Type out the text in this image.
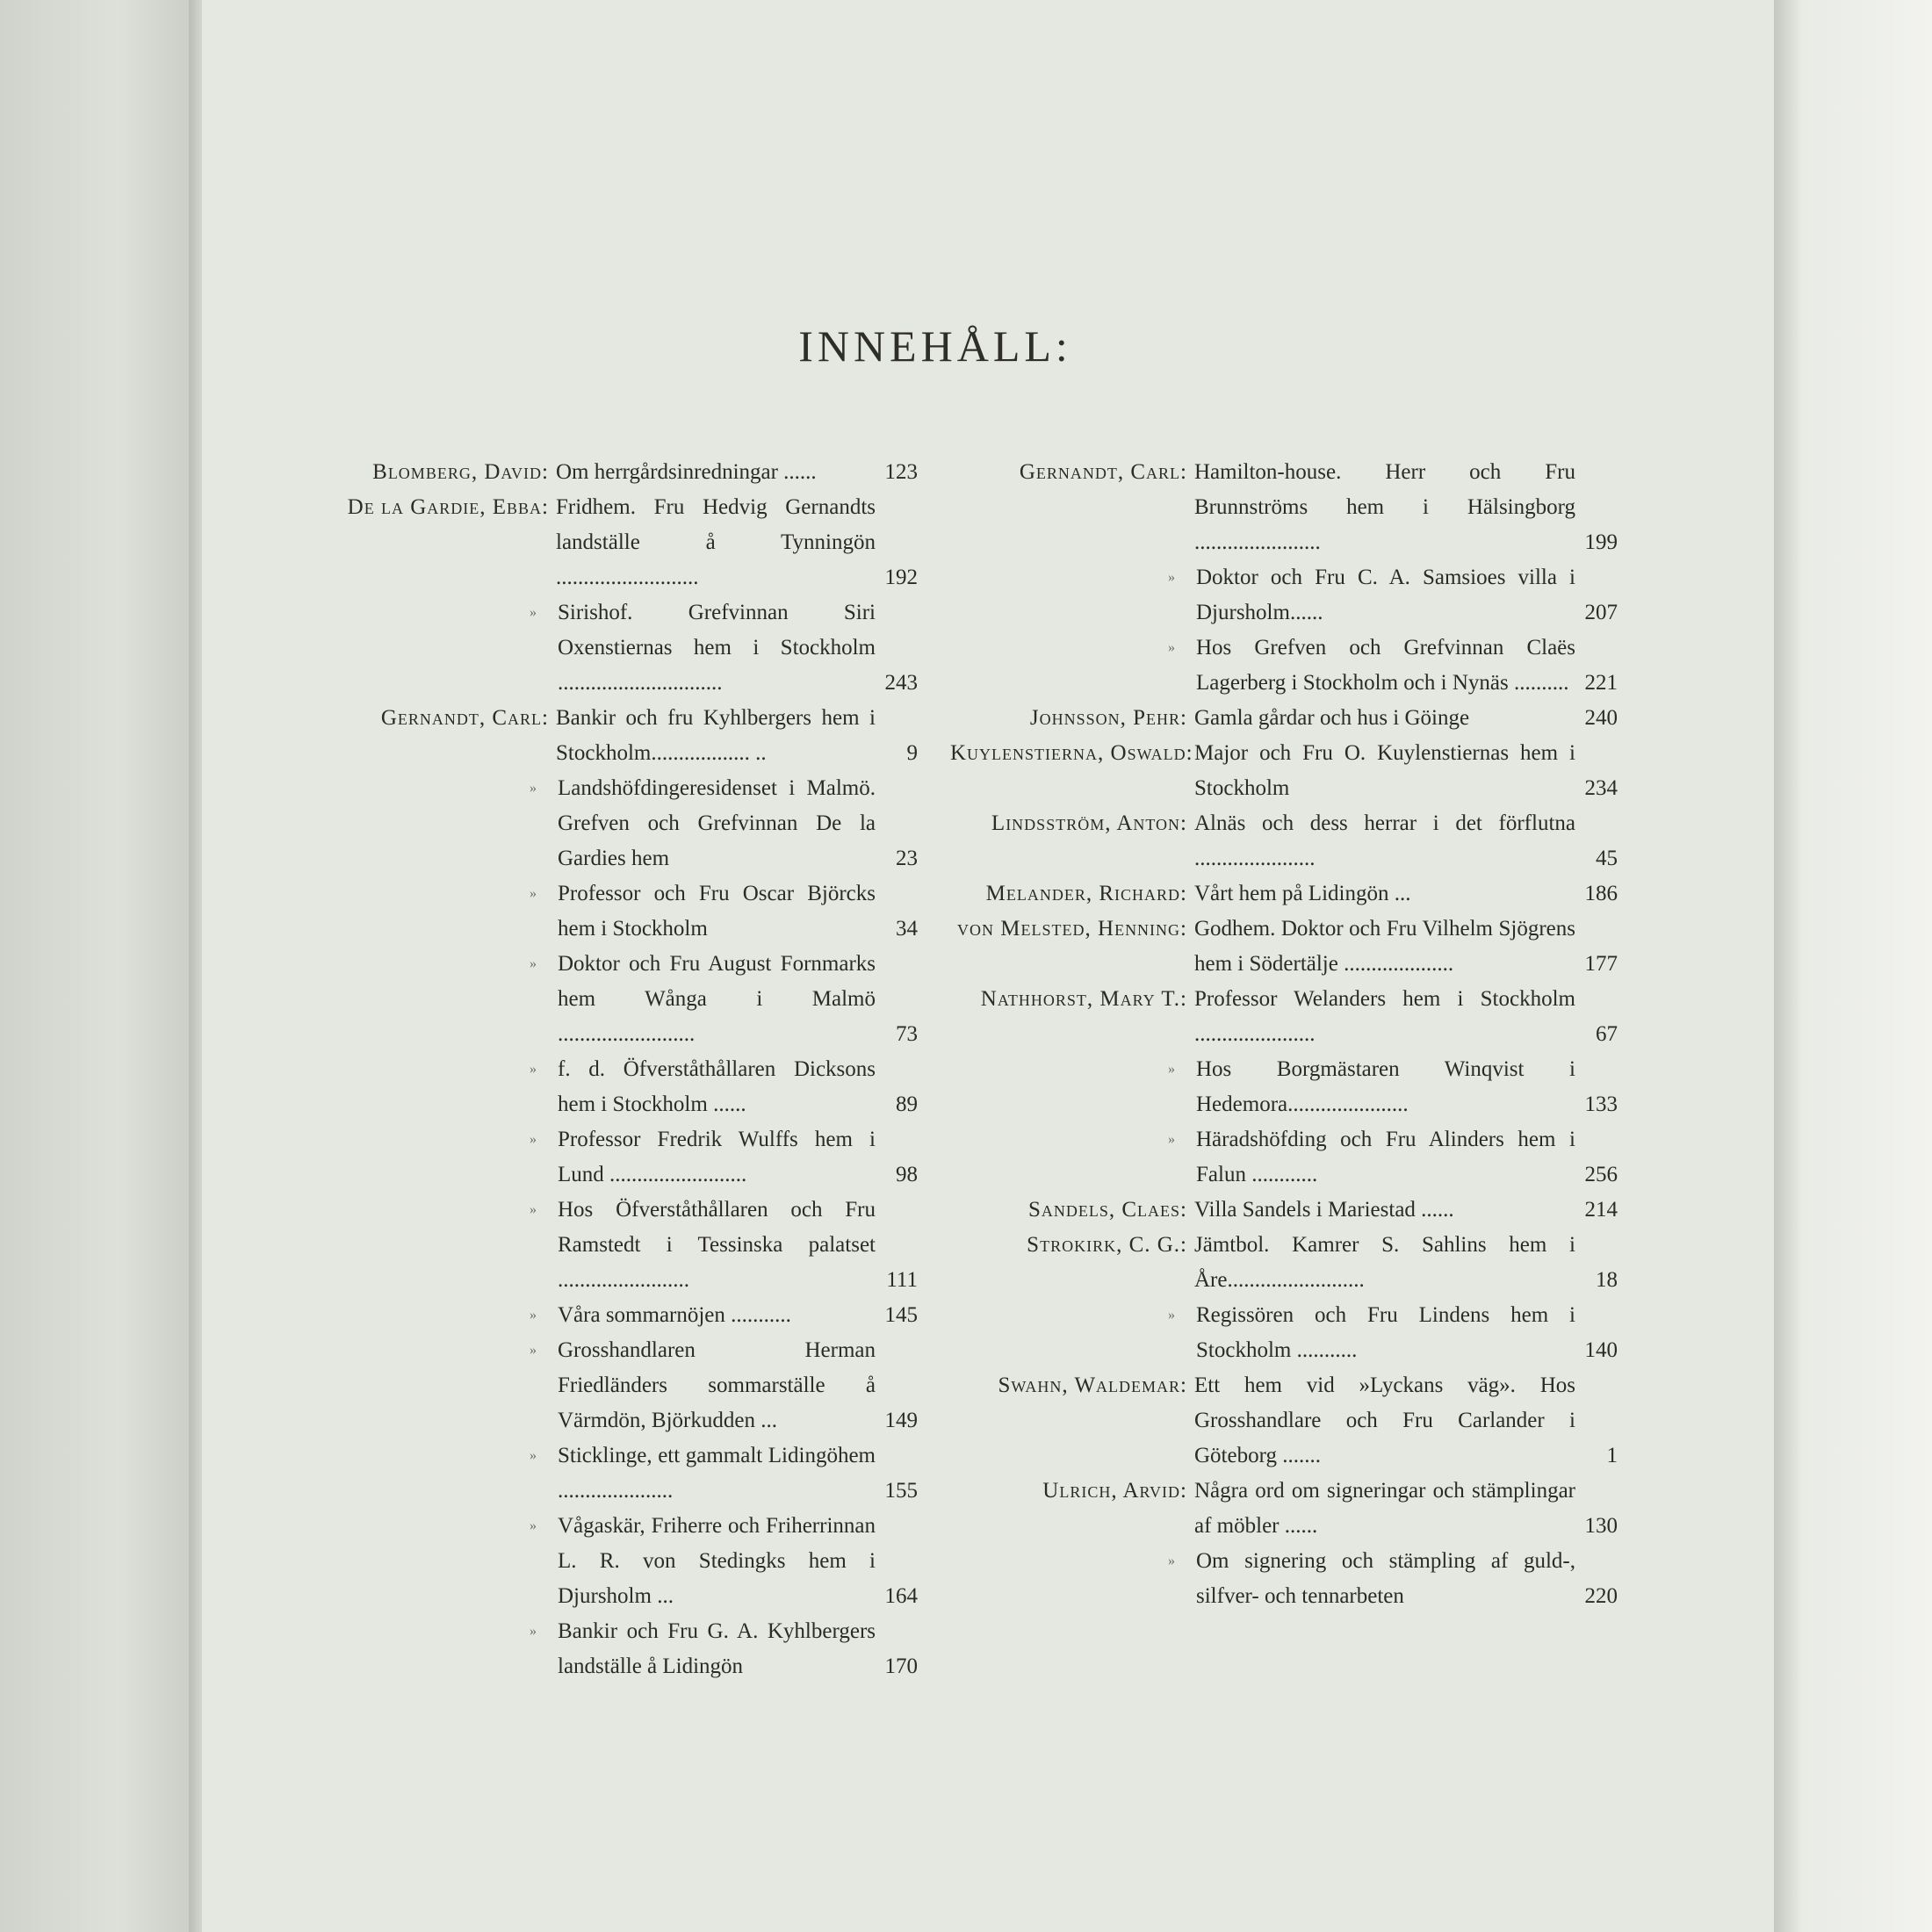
INNEHÅLL:
Blomberg, David: Om herrgårdsinredningar ......	123
De la Gardie, Ebba: Fridhem. Fru Hedvig Gernandts landställe å Tynningön ..........................	192
» Sirishof. Grefvinnan Siri Oxenstiernas hem i Stockholm ..............................	243
Gernandt, Carl: Bankir och fru Kyhlbergers hem i Stockholm.................. ..	9
» Landshöfdingeresidenset i Malmö. Grefven och Grefvinnan De la Gardies hem	23
» Professor och Fru Oscar Björcks hem i Stockholm	34
» Doktor och Fru August Fornmarks hem Wånga i Malmö .........................	73
» f. d. Öfverståthållaren Dicksons hem i Stockholm ......	89
» Professor Fredrik Wulffs hem i Lund .........................	98
» Hos Öfverståthållaren och Fru Ramstedt i Tessinska palatset ........................	111
» Våra sommarnöjen ...........	145
» Grosshandlaren Herman Friedländers sommarställe å Värmdön, Björkudden ...	149
» Sticklinge, ett gammalt Lidingöhem .....................	155
» Vågaskär, Friherre och Friherrinnan L. R. von Stedingks hem i Djursholm ...	164
» Bankir och Fru G. A. Kyhlbergers landställe å Lidingön	170
Gernandt, Carl: Hamilton-house. Herr och Fru Brunnströms hem i Hälsingborg .......................	199
» Doktor och Fru C. A. Samsioes villa i Djursholm......	207
» Hos Grefven och Grefvinnan Claës Lagerberg i Stockholm och i Nynäs .......... 221
Johnsson, Pehr: Gamla gårdar och hus i Göinge	240
Kuylenstierna, Oswald: Major och Fru O. Kuylenstiernas hem i Stockholm	234
Lindsström, Anton: Alnäs och dess herrar i det förflutna ......................	45
Melander, Richard: Vårt hem på Lidingön ...	186
von Melsted, Henning: Godhem. Doktor och Fru Vilhelm Sjögrens hem i Södertälje ....................	177
Nathhorst, Mary T.: Professor Welanders hem i Stockholm ......................	67
» Hos Borgmästaren Winqvist i Hedemora......................	133
» Häradshöfding och Fru Alinders hem i Falun ............	256
Sandels, Claes: Villa Sandels i Mariestad ......	214
Strokirk, C. G.: Jämtbol. Kamrer S. Sahlins hem i Åre.........................	18
» Regissören och Fru Lindens hem i Stockholm ...........	140
Swahn, Waldemar: Ett hem vid »Lyckans väg». Hos Grosshandlare och Fru Carlander i Göteborg .......	1
Ulrich, Arvid: Några ord om signeringar och stämplingar af möbler ......	130
» Om signering och stämpling af guld-, silfver- och tennarbeten	220
